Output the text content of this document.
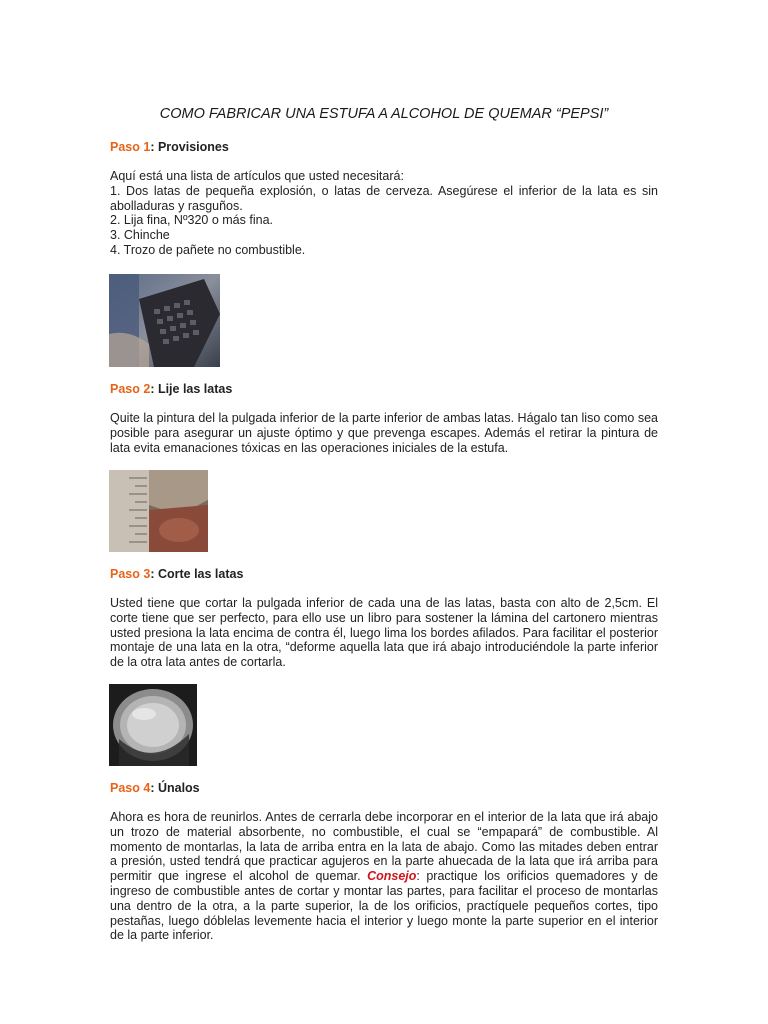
COMO FABRICAR UNA ESTUFA A ALCOHOL DE QUEMAR “PEPSI”
Paso 1: Provisiones

Aquí está una lista de artículos que usted necesitará:

1. Dos latas de pequeña explosión, o latas de cerveza. Asegúrese el inferior de la lata es sin abolladuras y rasguños.

2. Lija fina, Nº320 o más fina.

3. Chinche

4. Trozo de pañete no combustible.

Paso 2: Lije las latas

Quite la pintura del la pulgada inferior de la parte inferior de ambas latas. Hágalo tan liso como sea posible para asegurar un ajuste óptimo y que prevenga escapes. Además el retirar la pintura de lata evita emanaciones tóxicas en las operaciones iniciales de la estufa.

Paso 3: Corte las latas

Usted tiene que cortar la pulgada inferior de cada una de las latas, basta con alto de 2,5cm. El corte tiene que ser perfecto, para ello use un libro para sostener la lámina del cartonero mientras usted presiona la lata encima de contra él, luego lima los bordes afilados. Para facilitar el posterior montaje de una lata en la otra, “deforme aquella lata que irá abajo introduciéndole la parte inferior de la otra lata antes de cortarla.

Paso 4: Únalos

Ahora es hora de reunirlos. Antes de cerrarla debe incorporar en el interior de la lata que irá abajo un trozo de material absorbente, no combustible, el cual se “empapará” de combustible. Al momento de montarlas, la lata de arriba entra en la lata de abajo. Como las mitades deben entrar a presión, usted tendrá que practicar agujeros en la parte ahuecada de la lata que irá arriba para permitir que ingrese el alcohol de quemar. Consejo: practique los orificios quemadores y de ingreso de combustible antes de cortar y montar las partes, para facilitar el proceso de montarlas una dentro de la otra, a la parte superior, la de los orificios, practíquele pequeños cortes, tipo pestañas, luego dóblelas levemente hacia el interior y luego monte la parte superior en el interior de la parte inferior.
